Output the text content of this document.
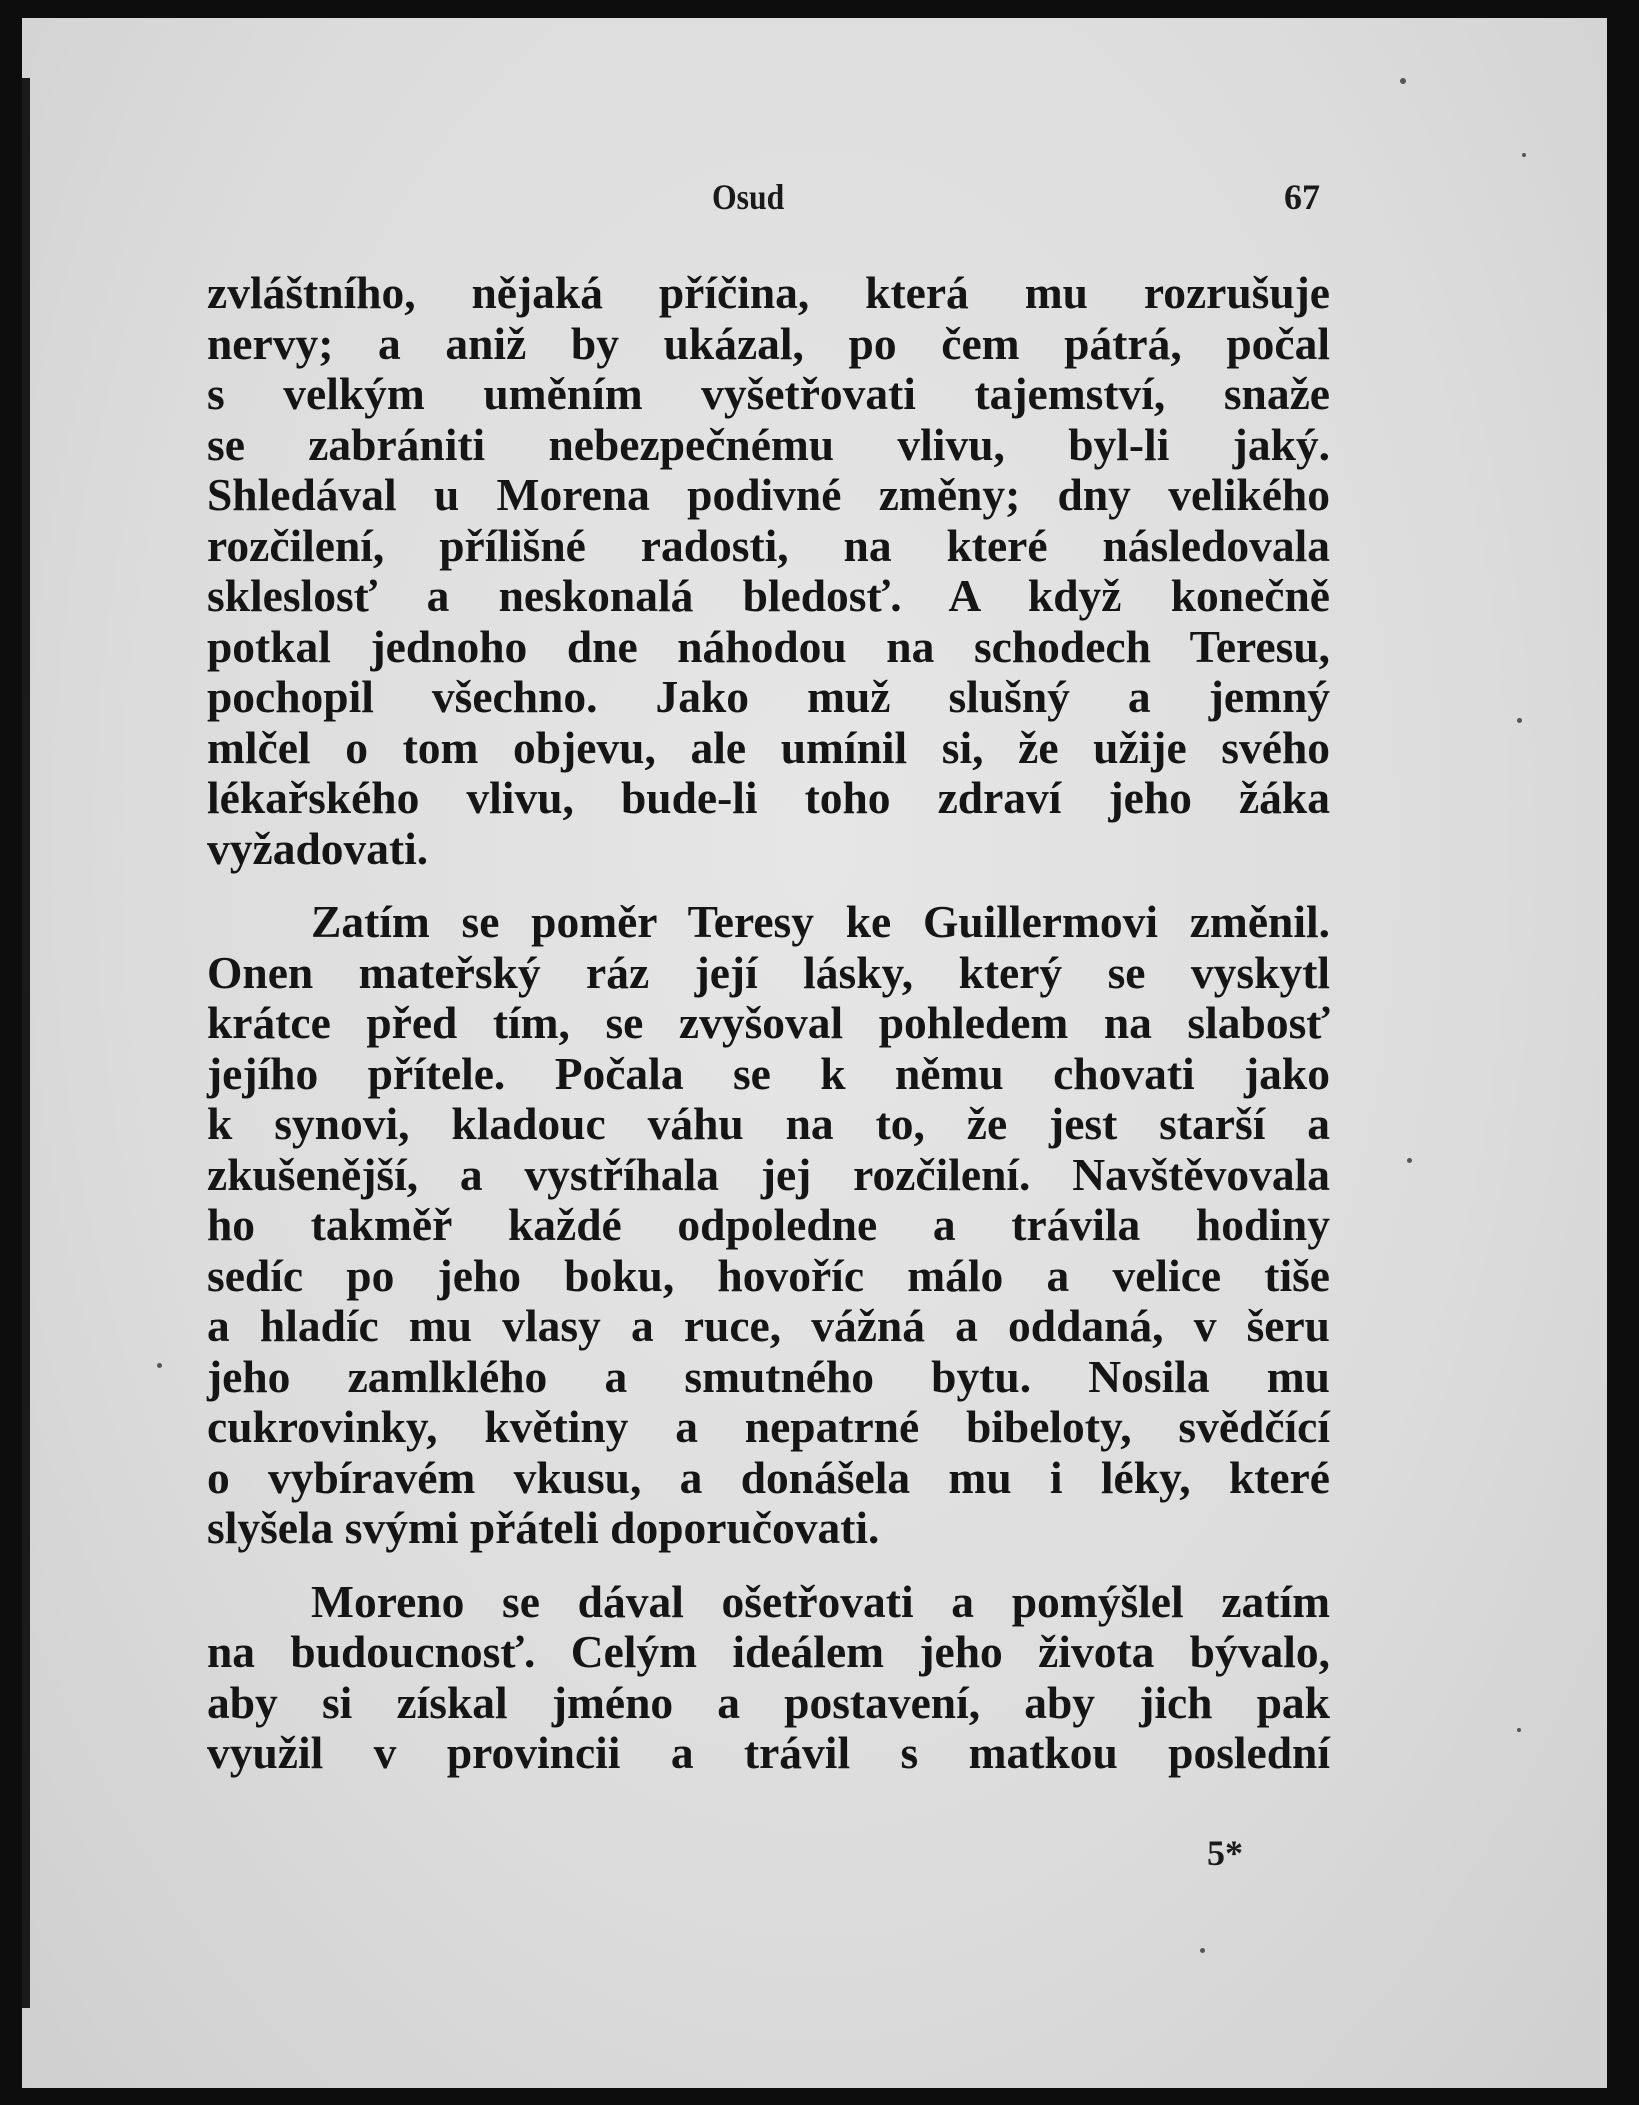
Osud	67

zvláštního, nějaká příčina, která mu rozrušuje
nervy; a aniž by ukázal, po čem pátrá, počal
s velkým uměním vyšetřovati tajemství, snaže
se zabrániti nebezpečnému vlivu, byl-li jaký.
Shledával u Morena podivné změny; dny velikého
rozčilení, přílišné radosti, na které následovala
skleslosť a neskonalá bledosť. A když konečně
potkal jednoho dne náhodou na schodech Teresu,
pochopil všechno. Jako muž slušný a jemný
mlčel o tom objevu, ale umínil si, že užije svého
lékařského vlivu, bude-li toho zdraví jeho žáka
vyžadovati.

Zatím se poměr Teresy ke Guillermovi změnil.
Onen mateřský ráz její lásky, který se vyskytl
krátce před tím, se zvyšoval pohledem na slabosť
jejího přítele. Počala se k němu chovati jako
k synovi, kladouc váhu na to, že jest starší a
zkušenější, a vystříhala jej rozčilení. Navštěvovala
ho takměř každé odpoledne a trávila hodiny
sedíc po jeho boku, hovoříc málo a velice tiše
a hladíc mu vlasy a ruce, vážná a oddaná, v šeru
jeho zamlklého a smutného bytu. Nosila mu
cukrovinky, květiny a nepatrné bibeloty, svědčící
o vybíravém vkusu, a donášela mu i léky, které
slyšela svými přáteli doporučovati.

Moreno se dával ošetřovati a pomýšlel zatím
na budoucnosť. Celým ideálem jeho života bývalo,
aby si získal jméno a postavení, aby jich pak
využil v provincii a trávil s matkou poslední

5*
